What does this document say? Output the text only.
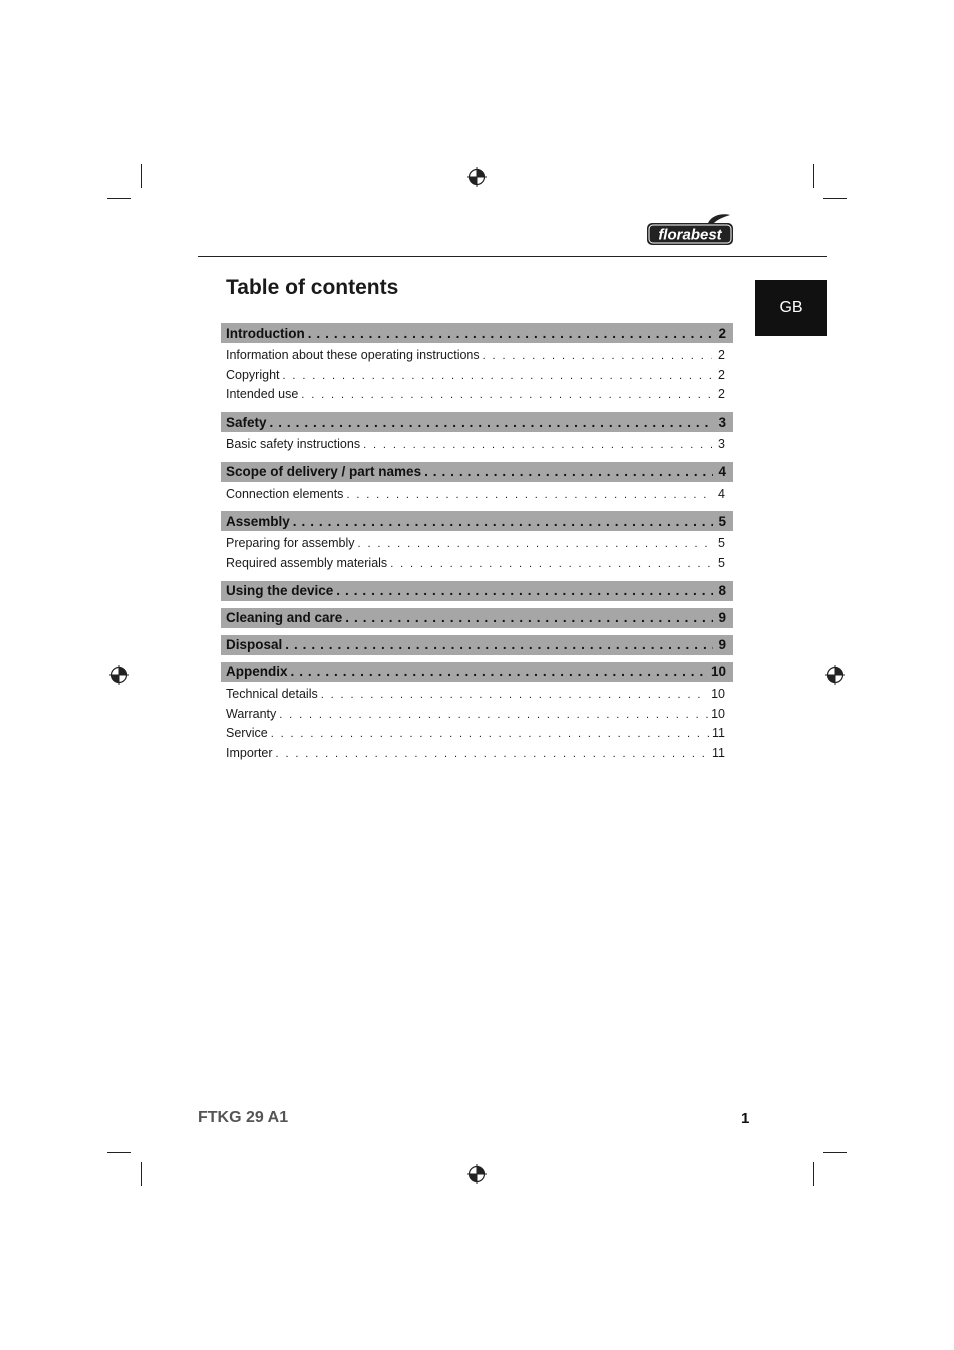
florabest
GB
Table of contents
Introduction . . .	2
Information about these operating instructions . . .	2
Copyright . . .	2
Intended use . . .	2
Safety . . .	3
Basic safety instructions . . .	3
Scope of delivery / part names . . .	4
Connection elements . . .	4
Assembly . . .	5
Preparing for assembly . . .	5
Required assembly materials . . .	5
Using the device . . .	8
Cleaning and care . . .	9
Disposal . . .	9
Appendix . . .	10
Technical details . . .	10
Warranty . . .	10
Service . . .	11
Importer . . .	11
FTKG 29 A1	1
